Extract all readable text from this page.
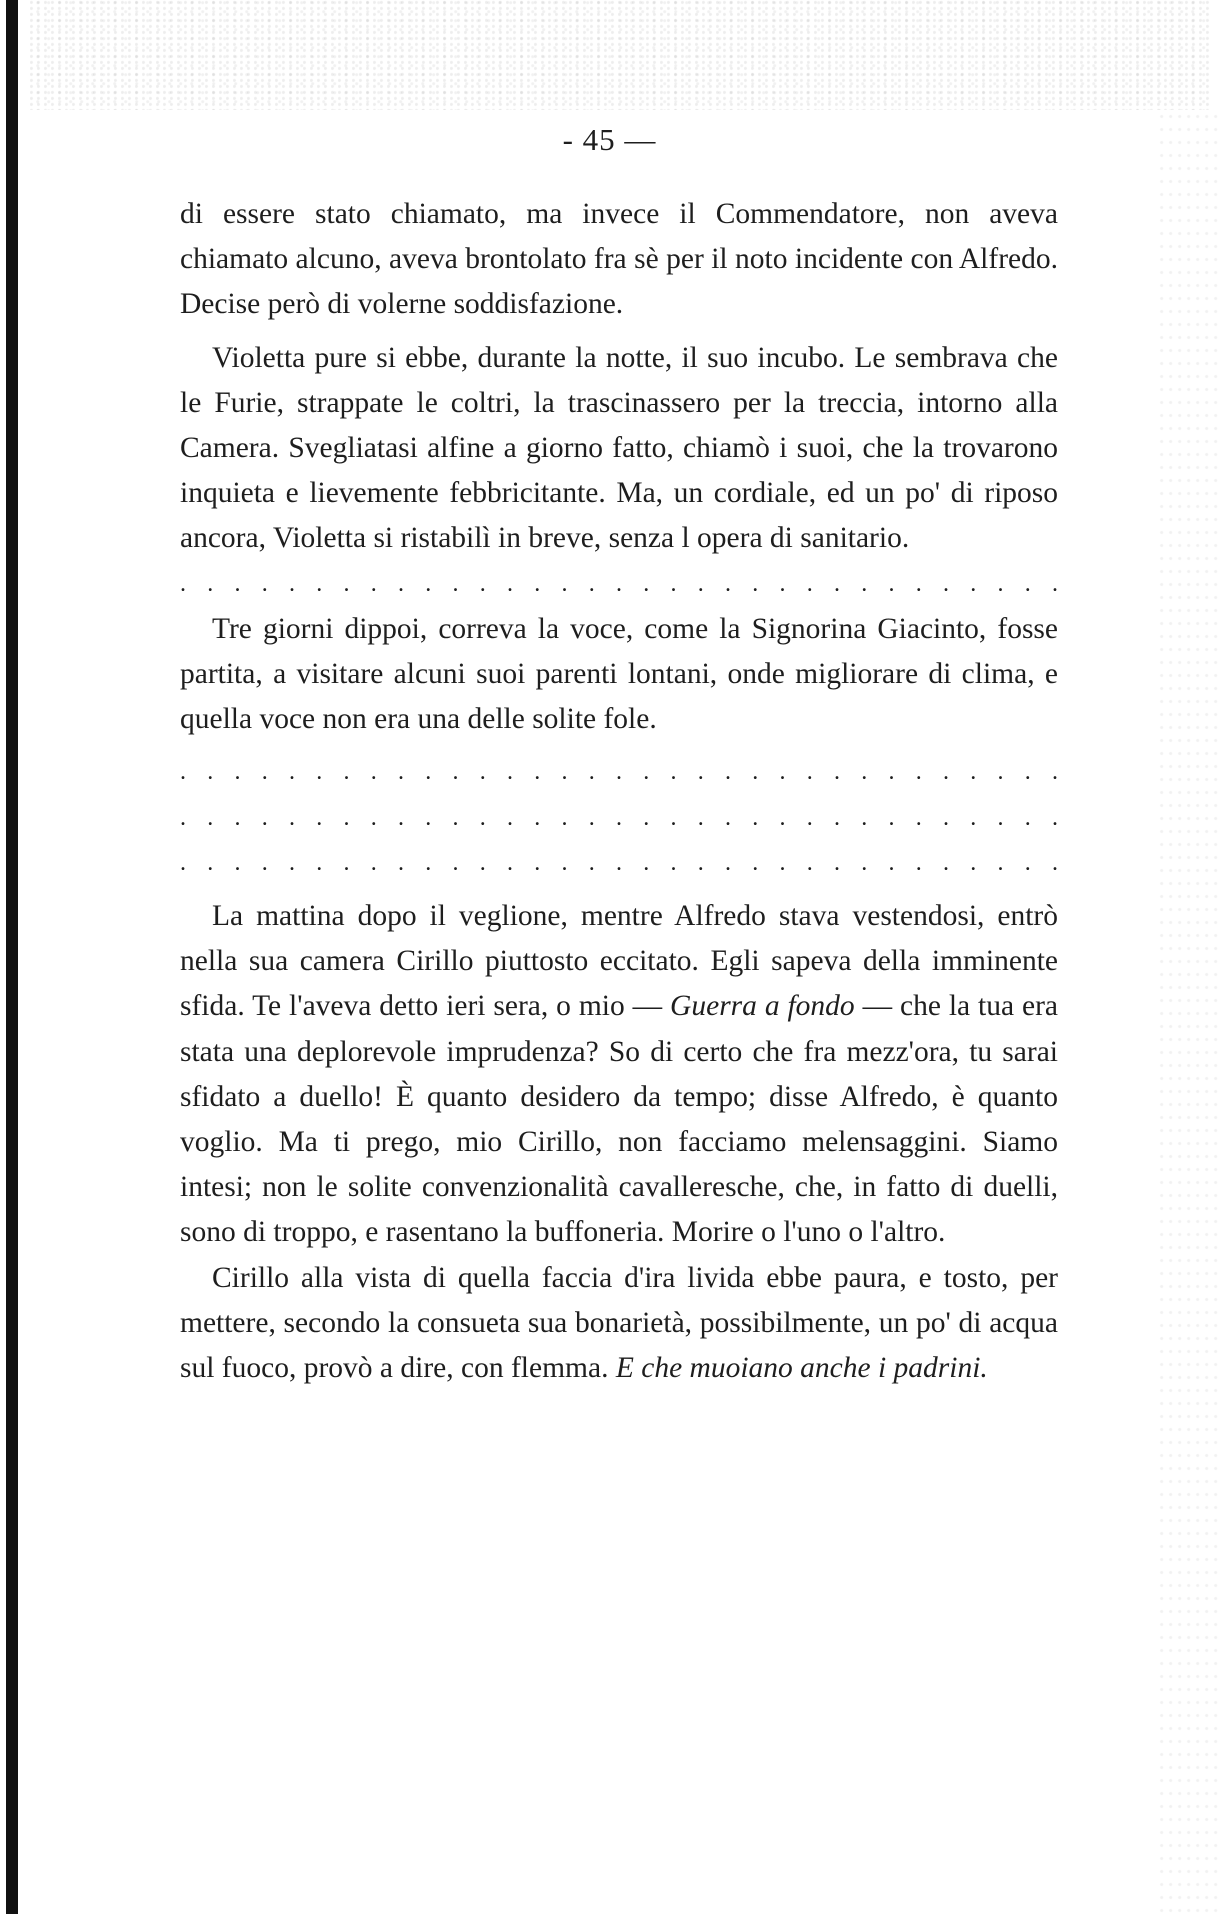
- 45 —

di essere stato chiamato, ma invece il Commendatore, non aveva chiamato alcuno, aveva brontolato fra sè per il noto incidente con Alfredo. Decise però di volerne soddisfazione.

Violetta pure si ebbe, durante la notte, il suo incubo. Le sembrava che le Furie, strappate le coltri, la trascinassero per la treccia, intorno alla Camera. Svegliatasi alfine a giorno fatto, chiamò i suoi, che la trovarono inquieta e lievemente febbricitante. Ma, un cordiale, ed un po' di riposo ancora, Violetta si ristabilì in breve, senza l opera di sanitario.

. . . . . . . . . . . . . . . . . . . . . . . . . . . . . . . . .

Tre giorni dippoi, correva la voce, come la Signorina Giacinto, fosse partita, a visitare alcuni suoi parenti lontani, onde migliorare di clima, e quella voce non era una delle solite fole.

. . . . . . . . . . . . . . . . . . . . . . . . . . . . . . . . .
. . . . . . . . . . . . . . . . . . . . . . . . . . . . . . . . .
. . . . . . . . . . . . . . . . . . . . . . . . . . . . . . . . .

La mattina dopo il veglione, mentre Alfredo stava vestendosi, entrò nella sua camera Cirillo piuttosto eccitato. Egli sapeva della imminente sfida. Te l'aveva detto ieri sera, o mio — Guerra a fondo — che la tua era stata una deplorevole imprudenza? So di certo che fra mezz'ora, tu sarai sfidato a duello! È quanto desidero da tempo; disse Alfredo, è quanto voglio. Ma ti prego, mio Cirillo, non facciamo melensaggini. Siamo intesi; non le solite convenzionalità cavalleresche, che, in fatto di duelli, sono di troppo, e rasentano la buffoneria. Morire o l'uno o l'altro.

Cirillo alla vista di quella faccia d'ira livida ebbe paura, e tosto, per mettere, secondo la consueta sua bonarietà, possibilmente, un po' di acqua sul fuoco, provò a dire, con flemma. E che muoiano anche i padrini.
